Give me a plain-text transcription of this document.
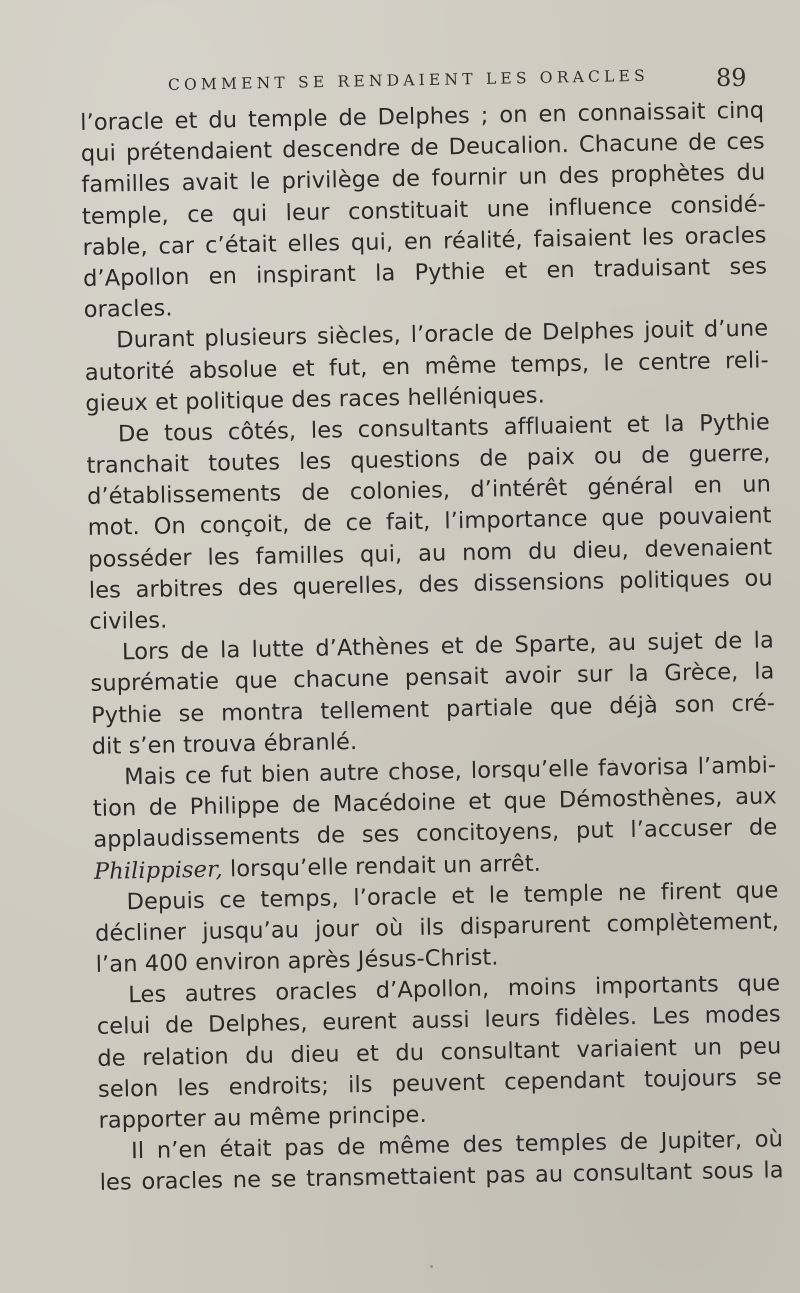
COMMENT SE RENDAIENT LES ORACLES	89
l’oracle et du temple de Delphes ; on en connaissait cinq
qui prétendaient descendre de Deucalion. Chacune de ces
familles avait le privilège de fournir un des prophètes du
temple, ce qui leur constituait une influence considé-
rable, car c’était elles qui, en réalité, faisaient les oracles
d’Apollon en inspirant la Pythie et en traduisant ses
oracles.
Durant plusieurs siècles, l’oracle de Delphes jouit d’une
autorité absolue et fut, en même temps, le centre reli-
gieux et politique des races helléniques.
De tous côtés, les consultants affluaient et la Pythie
tranchait toutes les questions de paix ou de guerre,
d’établissements de colonies, d’intérêt général en un
mot. On conçoit, de ce fait, l’importance que pouvaient
posséder les familles qui, au nom du dieu, devenaient
les arbitres des querelles, des dissensions politiques ou
civiles.
Lors de la lutte d’Athènes et de Sparte, au sujet de la
suprématie que chacune pensait avoir sur la Grèce, la
Pythie se montra tellement partiale que déjà son cré-
dit s’en trouva ébranlé.
Mais ce fut bien autre chose, lorsqu’elle favorisa l’ambi-
tion de Philippe de Macédoine et que Démosthènes, aux
applaudissements de ses concitoyens, put l’accuser de
Philippiser, lorsqu’elle rendait un arrêt.
Depuis ce temps, l’oracle et le temple ne firent que
décliner jusqu’au jour où ils disparurent complètement,
l’an 400 environ après Jésus-Christ.
Les autres oracles d’Apollon, moins importants que
celui de Delphes, eurent aussi leurs fidèles. Les modes
de relation du dieu et du consultant variaient un peu
selon les endroits; ils peuvent cependant toujours se
rapporter au même principe.
Il n’en était pas de même des temples de Jupiter, où
les oracles ne se transmettaient pas au consultant sous la
